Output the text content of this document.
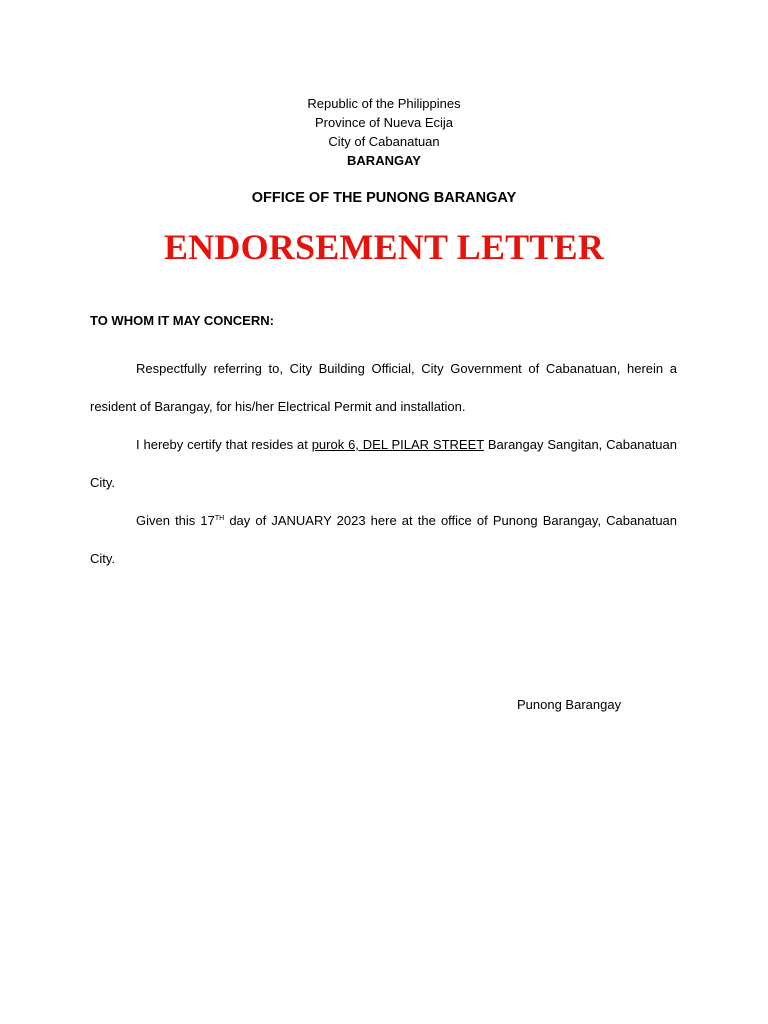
Republic of the Philippines
Province of Nueva Ecija
City of Cabanatuan
BARANGAY
OFFICE OF THE PUNONG BARANGAY
ENDORSEMENT LETTER
TO WHOM IT MAY CONCERN:

Respectfully referring to, City Building Official, City Government of Cabanatuan, herein a resident of Barangay, for his/her Electrical Permit and installation.

I hereby certify that resides at purok 6, DEL PILAR STREET Barangay Sangitan, Cabanatuan City.

Given this 17TH day of JANUARY 2023 here at the office of Punong Barangay, Cabanatuan City.

Punong Barangay
